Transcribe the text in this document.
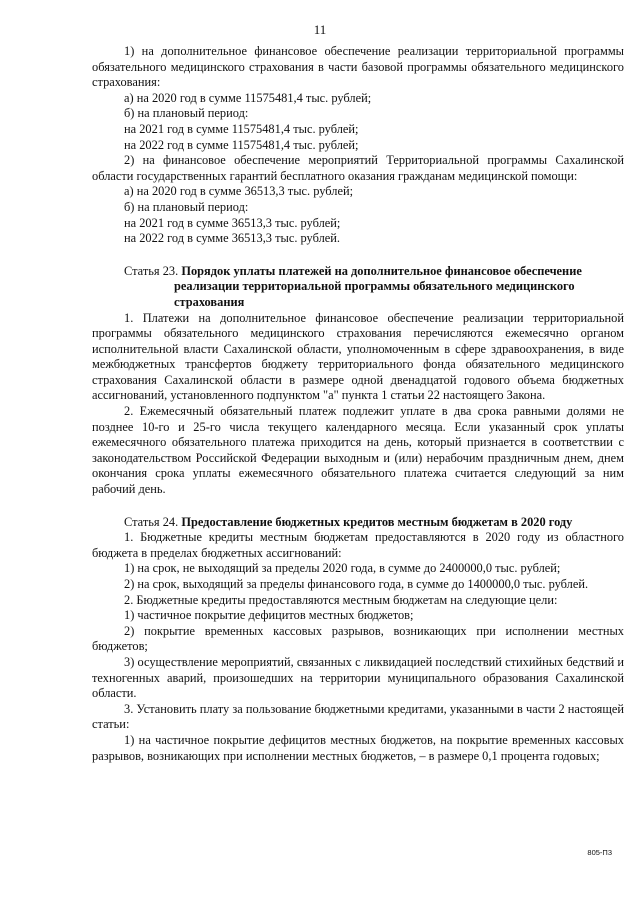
11

1) на дополнительное финансовое обеспечение реализации территориальной программы обязательного медицинского страхования в части базовой программы обязательного медицинского страхования:

а) на 2020 год в сумме 11575481,4 тыс. рублей;

б) на плановый период:

на 2021 год в сумме 11575481,4 тыс. рублей;

на 2022 год в сумме 11575481,4 тыс. рублей;

2) на финансовое обеспечение мероприятий Территориальной программы Сахалинской области государственных гарантий бесплатного оказания гражданам медицинской помощи:

а) на 2020 год в сумме 36513,3 тыс. рублей;

б) на плановый период:

на 2021 год в сумме 36513,3 тыс. рублей;

на 2022 год в сумме 36513,3 тыс. рублей.

Статья 23. Порядок уплаты платежей на дополнительное финансовое обеспечение

реализации территориальной программы обязательного медицинского

страхования

1. Платежи на дополнительное финансовое обеспечение реализации территориальной программы обязательного медицинского страхования перечисляются ежемесячно органом исполнительной власти Сахалинской области, уполномоченным в сфере здравоохранения, в виде межбюджетных трансфертов бюджету территориального фонда обязательного медицинского страхования Сахалинской области в размере одной двенадцатой годового объема бюджетных ассигнований, установленного подпунктом "а" пункта 1 статьи 22 настоящего Закона.

2. Ежемесячный обязательный платеж подлежит уплате в два срока равными долями не позднее 10-го и 25-го числа текущего календарного месяца. Если указанный срок уплаты ежемесячного обязательного платежа приходится на день, который признается в соответствии с законодательством Российской Федерации выходным и (или) нерабочим праздничным днем, днем окончания срока уплаты ежемесячного обязательного платежа считается следующий за ним рабочий день.

Статья 24. Предоставление бюджетных кредитов местным бюджетам в 2020 году

1. Бюджетные кредиты местным бюджетам предоставляются в 2020 году из областного бюджета в пределах бюджетных ассигнований:

1) на срок, не выходящий за пределы 2020 года, в сумме до 2400000,0 тыс. рублей;

2) на срок, выходящий за пределы финансового года, в сумме до 1400000,0 тыс. рублей.

2. Бюджетные кредиты предоставляются местным бюджетам на следующие цели:

1) частичное покрытие дефицитов местных бюджетов;

2) покрытие временных кассовых разрывов, возникающих при исполнении местных бюджетов;

3) осуществление мероприятий, связанных с ликвидацией последствий стихийных бедствий и техногенных аварий, произошедших на территории муниципального образования Сахалинской области.

3. Установить плату за пользование бюджетными кредитами, указанными в части 2 настоящей статьи:

1) на частичное покрытие дефицитов местных бюджетов, на покрытие временных кассовых разрывов, возникающих при исполнении местных бюджетов, – в размере 0,1 процента годовых;

805-П3
